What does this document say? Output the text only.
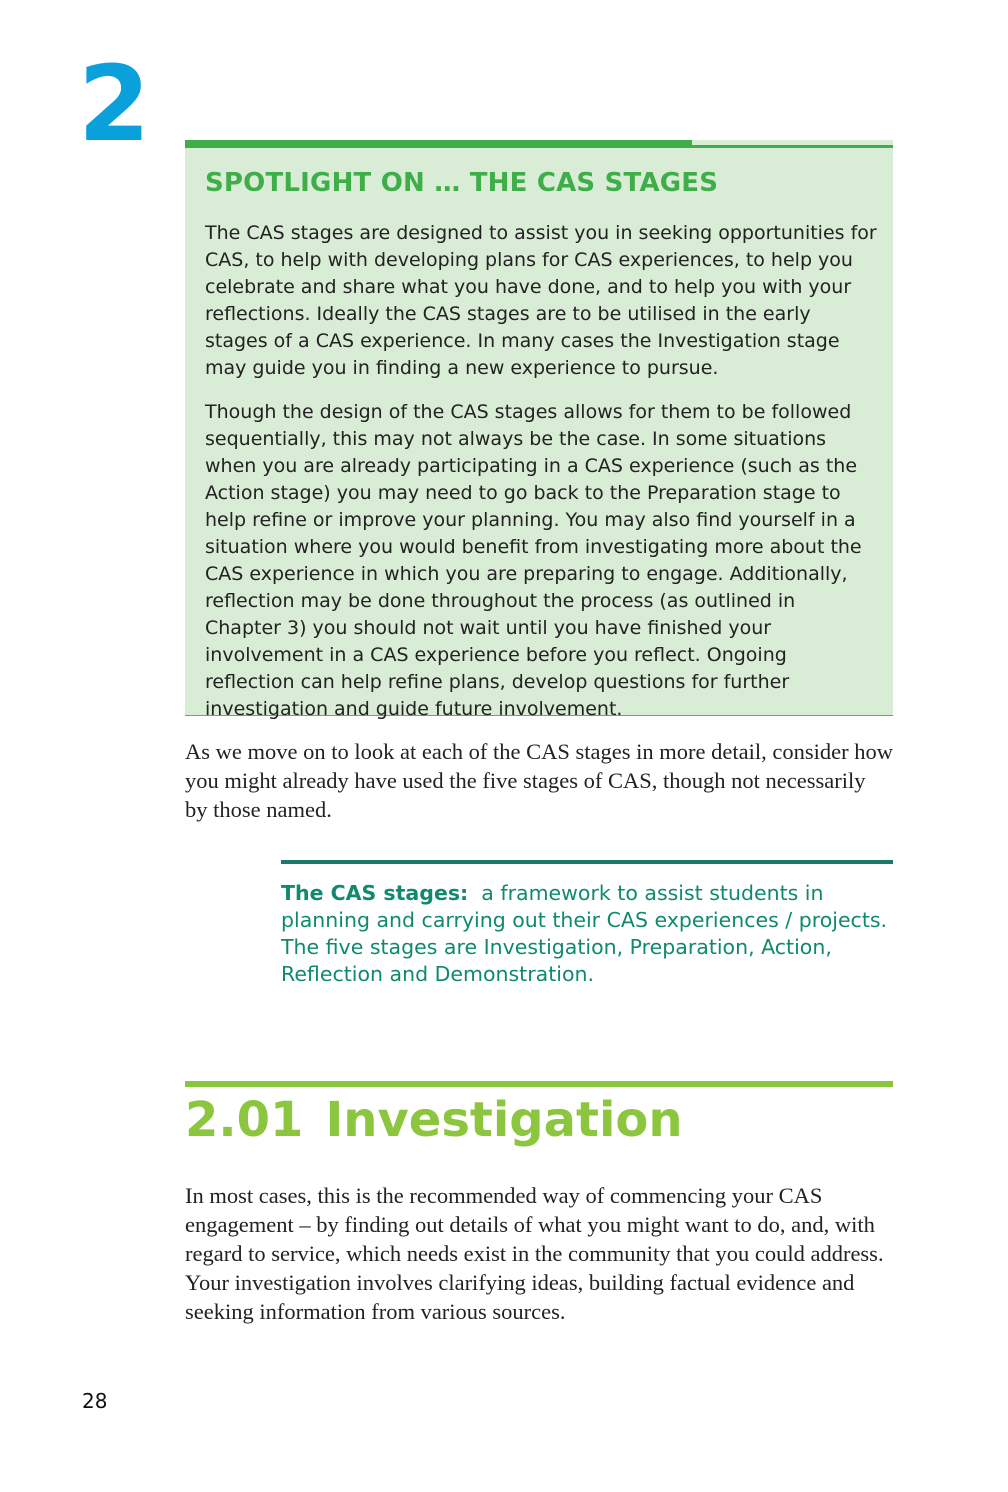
2
SPOTLIGHT ON … THE CAS STAGES

The CAS stages are designed to assist you in seeking opportunities for CAS, to help with developing plans for CAS experiences, to help you celebrate and share what you have done, and to help you with your reflections. Ideally the CAS stages are to be utilised in the early stages of a CAS experience. In many cases the Investigation stage may guide you in finding a new experience to pursue.

Though the design of the CAS stages allows for them to be followed sequentially, this may not always be the case. In some situations when you are already participating in a CAS experience (such as the Action stage) you may need to go back to the Preparation stage to help refine or improve your planning. You may also find yourself in a situation where you would benefit from investigating more about the CAS experience in which you are preparing to engage. Additionally, reflection may be done throughout the process (as outlined in Chapter 3) you should not wait until you have finished your involvement in a CAS experience before you reflect. Ongoing reflection can help refine plans, develop questions for further investigation and guide future involvement.

As we move on to look at each of the CAS stages in more detail, consider how you might already have used the five stages of CAS, though not necessarily by those named.

The CAS stages: a framework to assist students in planning and carrying out their CAS experiences / projects. The five stages are Investigation, Preparation, Action, Reflection and Demonstration.

2.01 Investigation

In most cases, this is the recommended way of commencing your CAS engagement – by finding out details of what you might want to do, and, with regard to service, which needs exist in the community that you could address. Your investigation involves clarifying ideas, building factual evidence and seeking information from various sources.

28
